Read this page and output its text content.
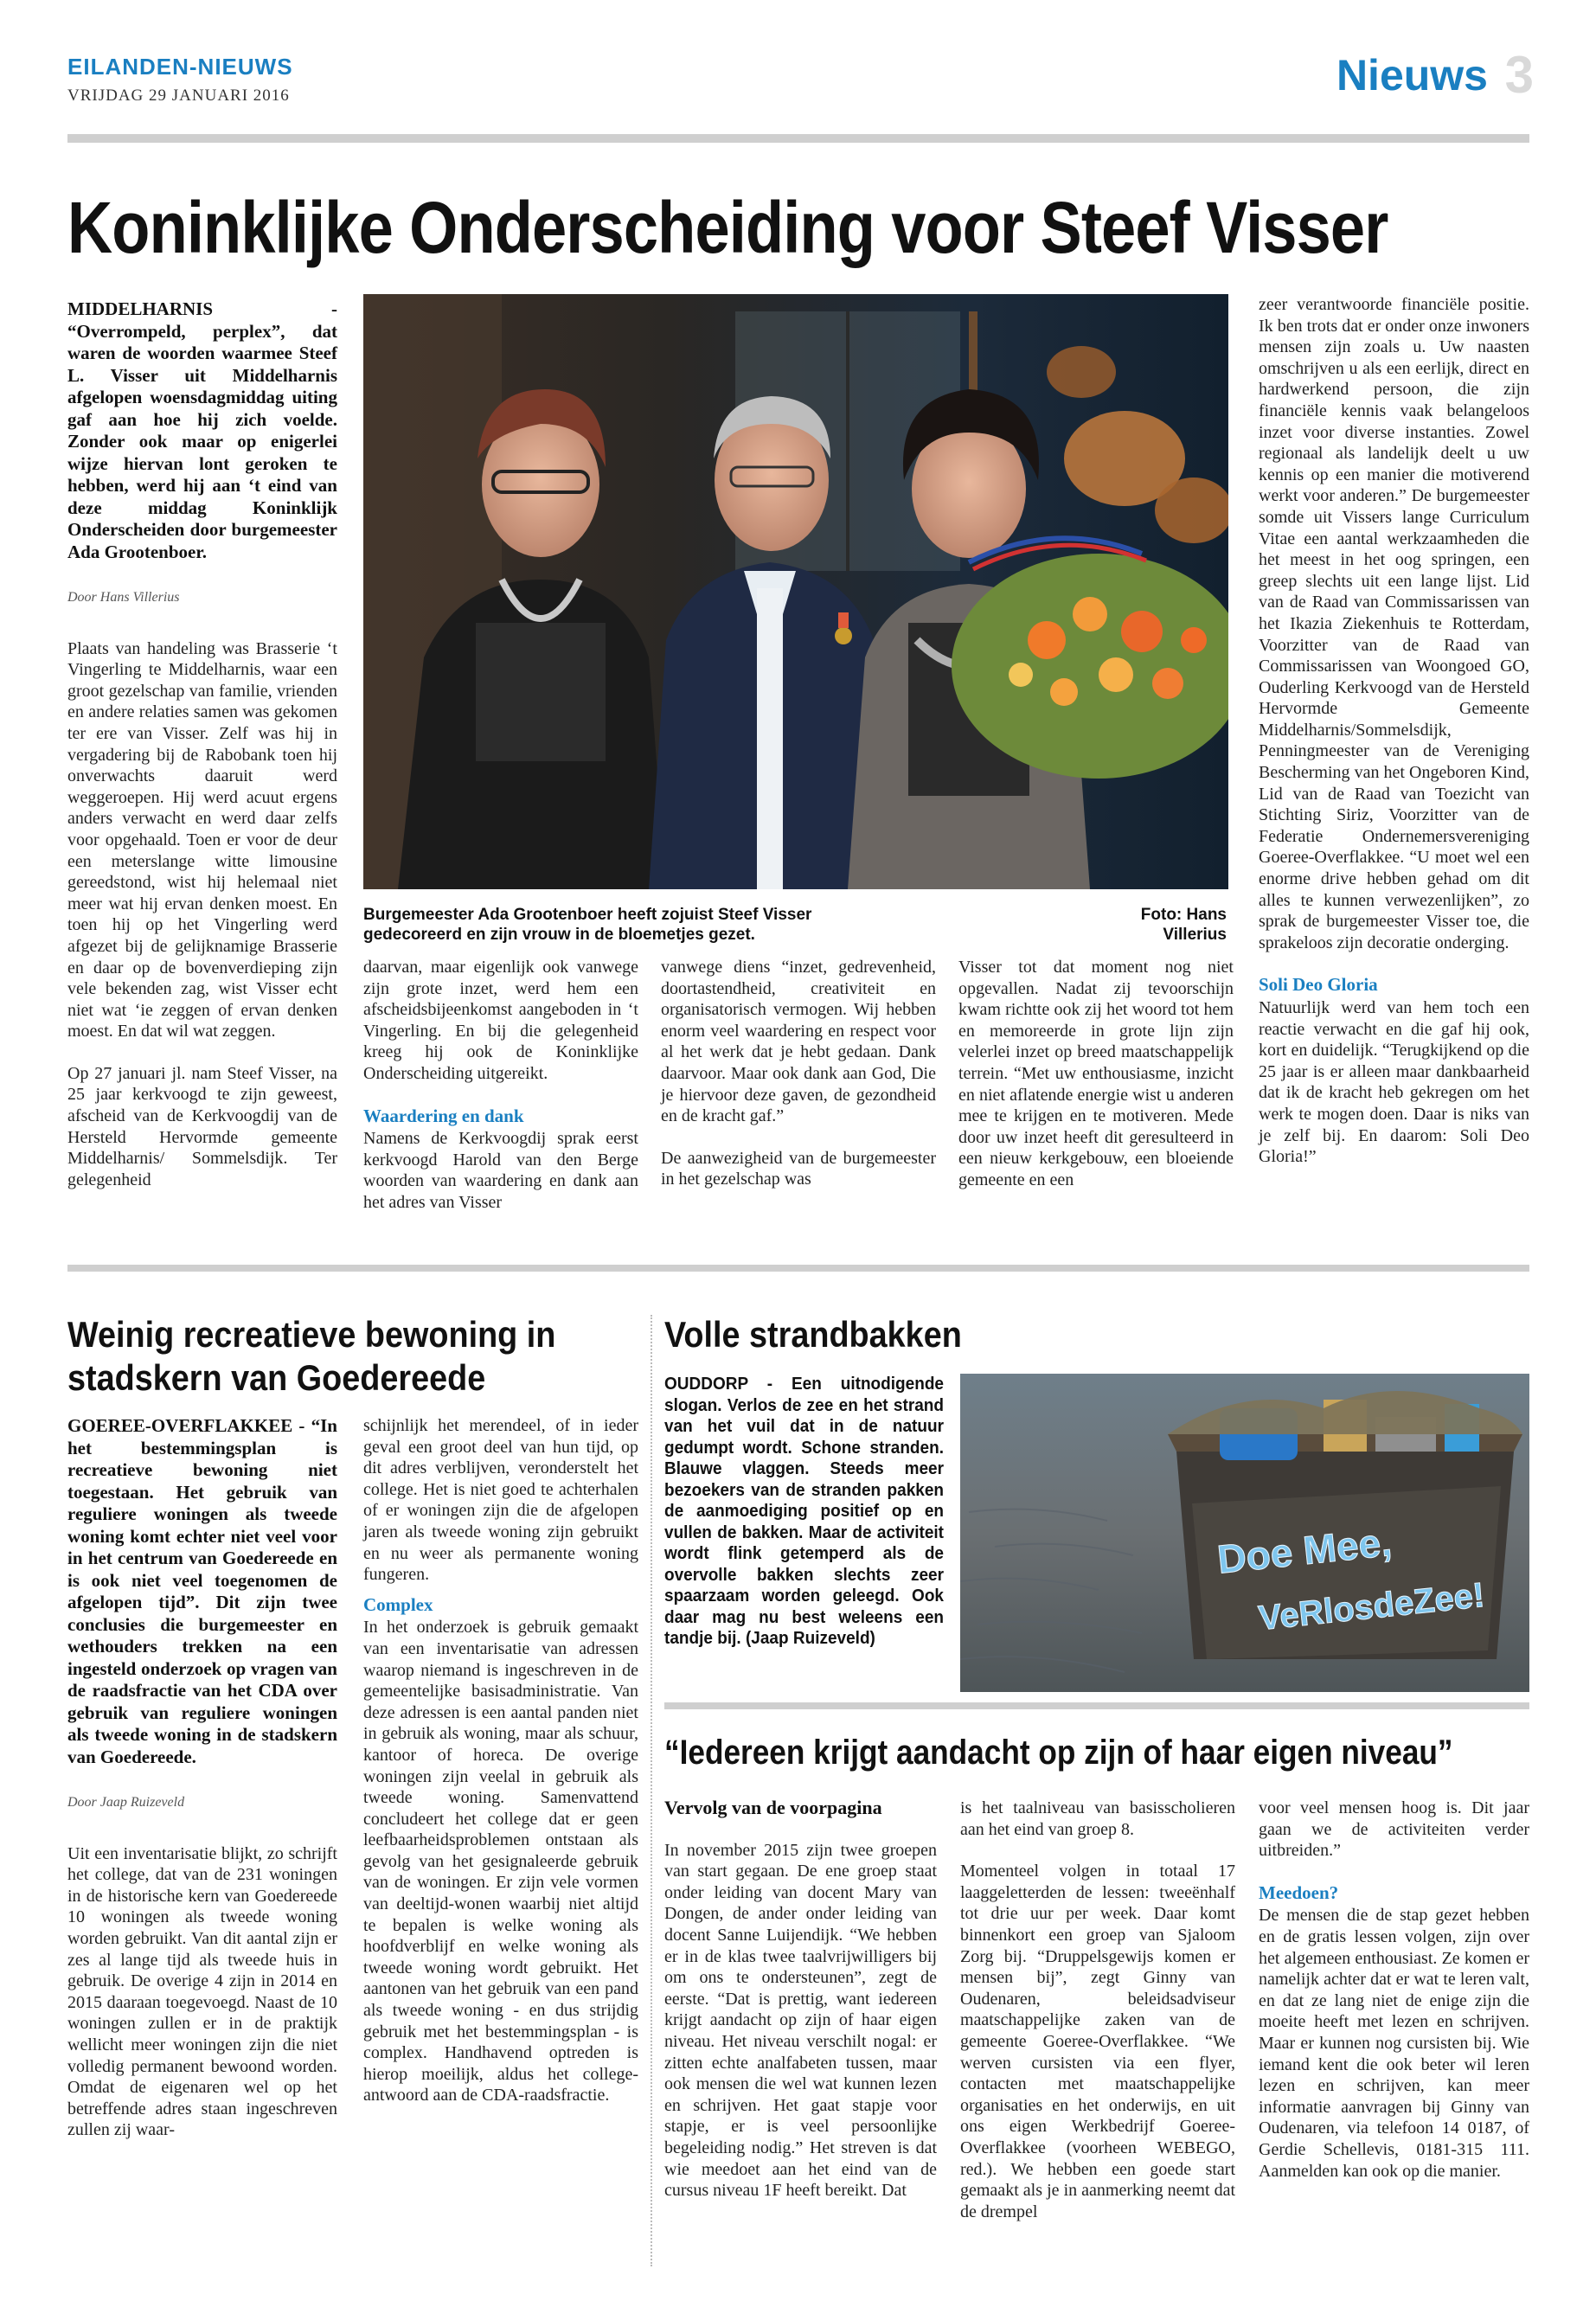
EILANDEN-NIEUWS
VRIJDAG 29 JANUARI 2016	Nieuws 3
Koninklijke Onderscheiding voor Steef Visser

MIDDELHARNIS - “Overrompeld, perplex”, dat waren de woorden waarmee Steef L. Visser uit Middelharnis afgelopen woensdagmiddag uiting gaf aan hoe hij zich voelde. Zonder ook maar op enigerlei wijze hiervan lont geroken te hebben, werd hij aan ‘t eind van deze middag Koninklijk Onderscheiden door burgemeester Ada Grootenboer.

Door Hans Villerius

Plaats van handeling was Brasserie ‘t Vingerling te Middelharnis, waar een groot gezelschap van familie, vrienden en andere relaties samen was gekomen ter ere van Visser. Zelf was hij in vergadering bij de Rabobank toen hij onverwachts daaruit werd weggeroepen. Hij werd acuut ergens anders verwacht en werd daar zelfs voor opgehaald. Toen er voor de deur een meterslange witte limousine gereedstond, wist hij helemaal niet meer wat hij ervan denken moest. En toen hij op het Vingerling werd afgezet bij de gelijknamige Brasserie en daar op de bovenverdieping zijn vele bekenden zag, wist Visser echt niet wat ‘ie zeggen of ervan denken moest. En dat wil wat zeggen.

Op 27 januari jl. nam Steef Visser, na 25 jaar kerkvoogd te zijn geweest, afscheid van de Kerkvoogdij van de Hersteld Hervormde gemeente Middelharnis/ Sommelsdijk. Ter gelegenheid

Burgemeester Ada Grootenboer heeft zojuist Steef Visser gedecoreerd en zijn vrouw in de bloemetjes gezet.
Foto: Hans Villerius

daarvan, maar eigenlijk ook vanwege zijn grote inzet, werd hem een afscheidsbijeenkomst aangeboden in ‘t Vingerling. En bij die gelegenheid kreeg hij ook de Koninklijke Onderscheiding uitgereikt.

Waardering en dank

Namens de Kerkvoogdij sprak eerst kerkvoogd Harold van den Berge woorden van waardering en dank aan het adres van Visser

vanwege diens “inzet, gedrevenheid, doortastendheid, creativiteit en organisatorisch vermogen. Wij hebben enorm veel waardering en respect voor al het werk dat je hebt gedaan. Dank daarvoor. Maar ook dank aan God, Die je hiervoor deze gaven, de gezondheid en de kracht gaf.”

De aanwezigheid van de burgemeester in het gezelschap was

Visser tot dat moment nog niet opgevallen. Nadat zij tevoorschijn kwam richtte ook zij het woord tot hem en memoreerde in grote lijn zijn velerlei inzet op breed maatschappelijk terrein. “Met uw enthousiasme, inzicht en niet aflatende energie wist u anderen mee te krijgen en te motiveren. Mede door uw inzet heeft dit geresulteerd in een nieuw kerkgebouw, een bloeiende gemeente en een

zeer verantwoorde financiële positie. Ik ben trots dat er onder onze inwoners mensen zijn zoals u. Uw naasten omschrijven u als een eerlijk, direct en hardwerkend persoon, die zijn financiële kennis vaak belangeloos inzet voor diverse instanties. Zowel regionaal als landelijk deelt u uw kennis op een manier die motiverend werkt voor anderen.” De burgemeester somde uit Vissers lange Curriculum Vitae een aantal werkzaamheden die het meest in het oog springen, een greep slechts uit een lange lijst. Lid van de Raad van Commissarissen van het Ikazia Ziekenhuis te Rotterdam, Voorzitter van de Raad van Commissarissen van Woongoed GO, Ouderling Kerkvoogd van de Hersteld Hervormde Gemeente Middelharnis/Sommelsdijk, Penningmeester van de Vereniging Bescherming van het Ongeboren Kind, Lid van de Raad van Toezicht van Stichting Siriz, Voorzitter van de Federatie Ondernemersvereniging Goeree-Overflakkee. “U moet wel een enorme drive hebben gehad om dit alles te kunnen verwezenlijken”, zo sprak de burgemeester Visser toe, die sprakeloos zijn decoratie onderging.

Soli Deo Gloria

Natuurlijk werd van hem toch een reactie verwacht en die gaf hij ook, kort en duidelijk. “Terugkijkend op die 25 jaar is er alleen maar dankbaarheid dat ik de kracht heb gekregen om het werk te mogen doen. Daar is niks van je zelf bij. En daarom: Soli Deo Gloria!”

Weinig recreatieve bewoning in stadskern van Goedereede

GOEREE-OVERFLAKKEE - “In het bestemmingsplan is recreatieve bewoning niet toegestaan. Het gebruik van reguliere woningen als tweede woning komt echter niet veel voor in het centrum van Goedereede en is ook niet veel toegenomen de afgelopen tijd”. Dit zijn twee conclusies die burgemeester en wethouders trekken na een ingesteld onderzoek op vragen van de raadsfractie van het CDA over gebruik van reguliere woningen als tweede woning in de stadskern van Goedereede.

Door Jaap Ruizeveld

Uit een inventarisatie blijkt, zo schrijft het college, dat van de 231 woningen in de historische kern van Goedereede 10 woningen als tweede woning worden gebruikt. Van dit aantal zijn er zes al lange tijd als tweede huis in gebruik. De overige 4 zijn in 2014 en 2015 daaraan toegevoegd. Naast de 10 woningen zullen er in de praktijk wellicht meer woningen zijn die niet volledig permanent bewoond worden. Omdat de eigenaren wel op het betreffende adres staan ingeschreven zullen zij waar-

schijnlijk het merendeel, of in ieder geval een groot deel van hun tijd, op dit adres verblijven, veronderstelt het college. Het is niet goed te achterhalen of er woningen zijn die de afgelopen jaren als tweede woning zijn gebruikt en nu weer als permanente woning fungeren.

Complex

In het onderzoek is gebruik gemaakt van een inventarisatie van adressen waarop niemand is ingeschreven in de gemeentelijke basisadministratie. Van deze adressen is een aantal panden niet in gebruik als woning, maar als schuur, kantoor of horeca. De overige woningen zijn veelal in gebruik als tweede woning. Samenvattend concludeert het college dat er geen leefbaarheidsproblemen ontstaan als gevolg van het gesignaleerde gebruik van de woningen. Er zijn vele vormen van deeltijd-wonen waarbij niet altijd te bepalen is welke woning als hoofdverblijf en welke woning als tweede woning wordt gebruikt. Het aantonen van het gebruik van een pand als tweede woning - en dus strijdig gebruik met het bestemmingsplan - is complex. Handhavend optreden is hierop moeilijk, aldus het college-antwoord aan de CDA-raadsfractie.

Volle strandbakken
OUDDORP - Een uitnodigende slogan. Verlos de zee en het strand van het vuil dat in de natuur gedumpt wordt. Schone stranden. Blauwe vlaggen. Steeds meer bezoekers van de stranden pakken de aanmoediging positief op en vullen de bakken. Maar de activiteit wordt flink getemperd als de overvolle bakken slechts zeer spaarzaam worden geleegd. Ook daar mag nu best weleens een tandje bij. (Jaap Ruizeveld)
Doe Mee,
VeRlosdeZee!
“Iedereen krijgt aandacht op zijn of haar eigen niveau”
Vervolg van de voorpagina

In november 2015 zijn twee groepen van start gegaan. De ene groep staat onder leiding van docent Mary van Dongen, de ander onder leiding van docent Sanne Luijendijk. “We hebben er in de klas twee taalvrijwilligers bij om ons te ondersteunen”, zegt de eerste. “Dat is prettig, want iedereen krijgt aandacht op zijn of haar eigen niveau. Het niveau verschilt nogal: er zitten echte analfabeten tussen, maar ook mensen die wel wat kunnen lezen en schrijven. Het gaat stapje voor stapje, er is veel persoonlijke begeleiding nodig.” Het streven is dat wie meedoet aan het eind van de cursus niveau 1F heeft bereikt. Dat

is het taalniveau van basisscholieren aan het eind van groep 8.

Momenteel volgen in totaal 17 laaggeletterden de lessen: tweeënhalf tot drie uur per week. Daar komt binnenkort een groep van Sjaloom Zorg bij. “Druppelsgewijs komen er mensen bij”, zegt Ginny van Oudenaren, beleidsadviseur maatschappelijke zaken van de gemeente Goeree-Overflakkee. “We werven cursisten via een flyer, contacten met maatschappelijke organisaties en het onderwijs, en uit ons eigen Werkbedrijf Goeree-Overflakkee (voorheen WEBEGO, red.). We hebben een goede start gemaakt als je in aanmerking neemt dat de drempel

voor veel mensen hoog is. Dit jaar gaan we de activiteiten verder uitbreiden.”

Meedoen?

De mensen die de stap gezet hebben en de gratis lessen volgen, zijn over het algemeen enthousiast. Ze komen er namelijk achter dat er wat te leren valt, en dat ze lang niet de enige zijn die moeite heeft met lezen en schrijven. Maar er kunnen nog cursisten bij. Wie iemand kent die ook beter wil leren lezen en schrijven, kan meer informatie aanvragen bij Ginny van Oudenaren, via telefoon 14 0187, of Gerdie Schellevis, 0181-315 111. Aanmelden kan ook op die manier.
